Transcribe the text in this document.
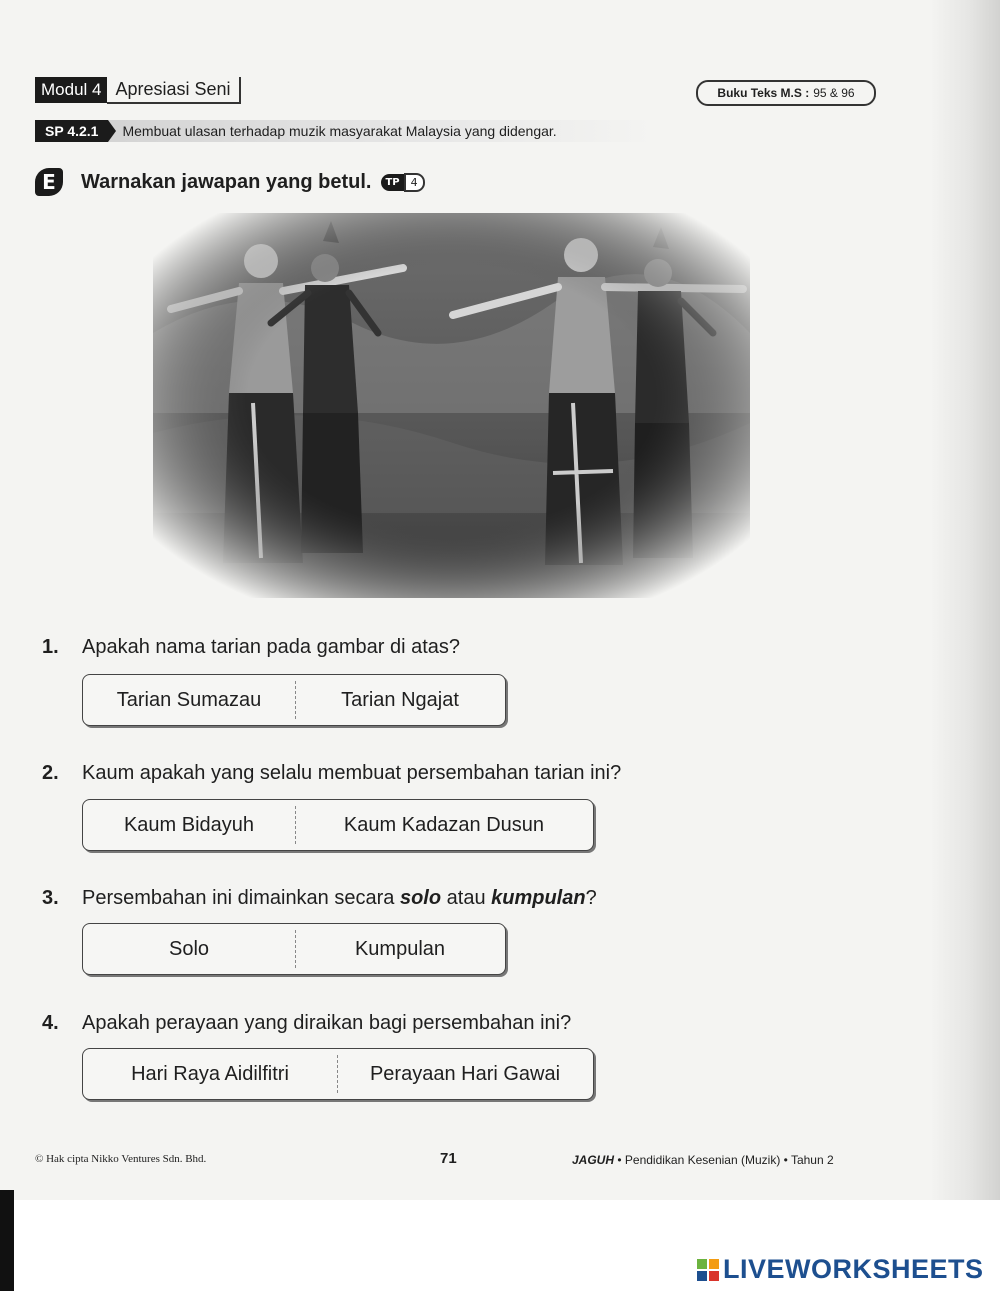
Modul 4 Apresiasi Seni	Buku Teks M.S : 95 & 96
SP 4.2.1	Membuat ulasan terhadap muzik masyarakat Malaysia yang didengar.
E	Warnakan jawapan yang betul.	TP	4
1.	Apakah nama tarian pada gambar di atas?
Tarian Sumazau	Tarian Ngajat
2.	Kaum apakah yang selalu membuat persembahan tarian ini?
Kaum Bidayuh	Kaum Kadazan Dusun
3.	Persembahan ini dimainkan secara solo atau kumpulan ?
Solo	Kumpulan
4.	Apakah perayaan yang diraikan bagi persembahan ini?
Hari Raya Aidilfitri	Perayaan Hari Gawai
© Hak cipta Nikko Ventures Sdn. Bhd.	71	JAGUH • Pendidikan Kesenian (Muzik) • Tahun 2
LIVEWORKSHEETS
